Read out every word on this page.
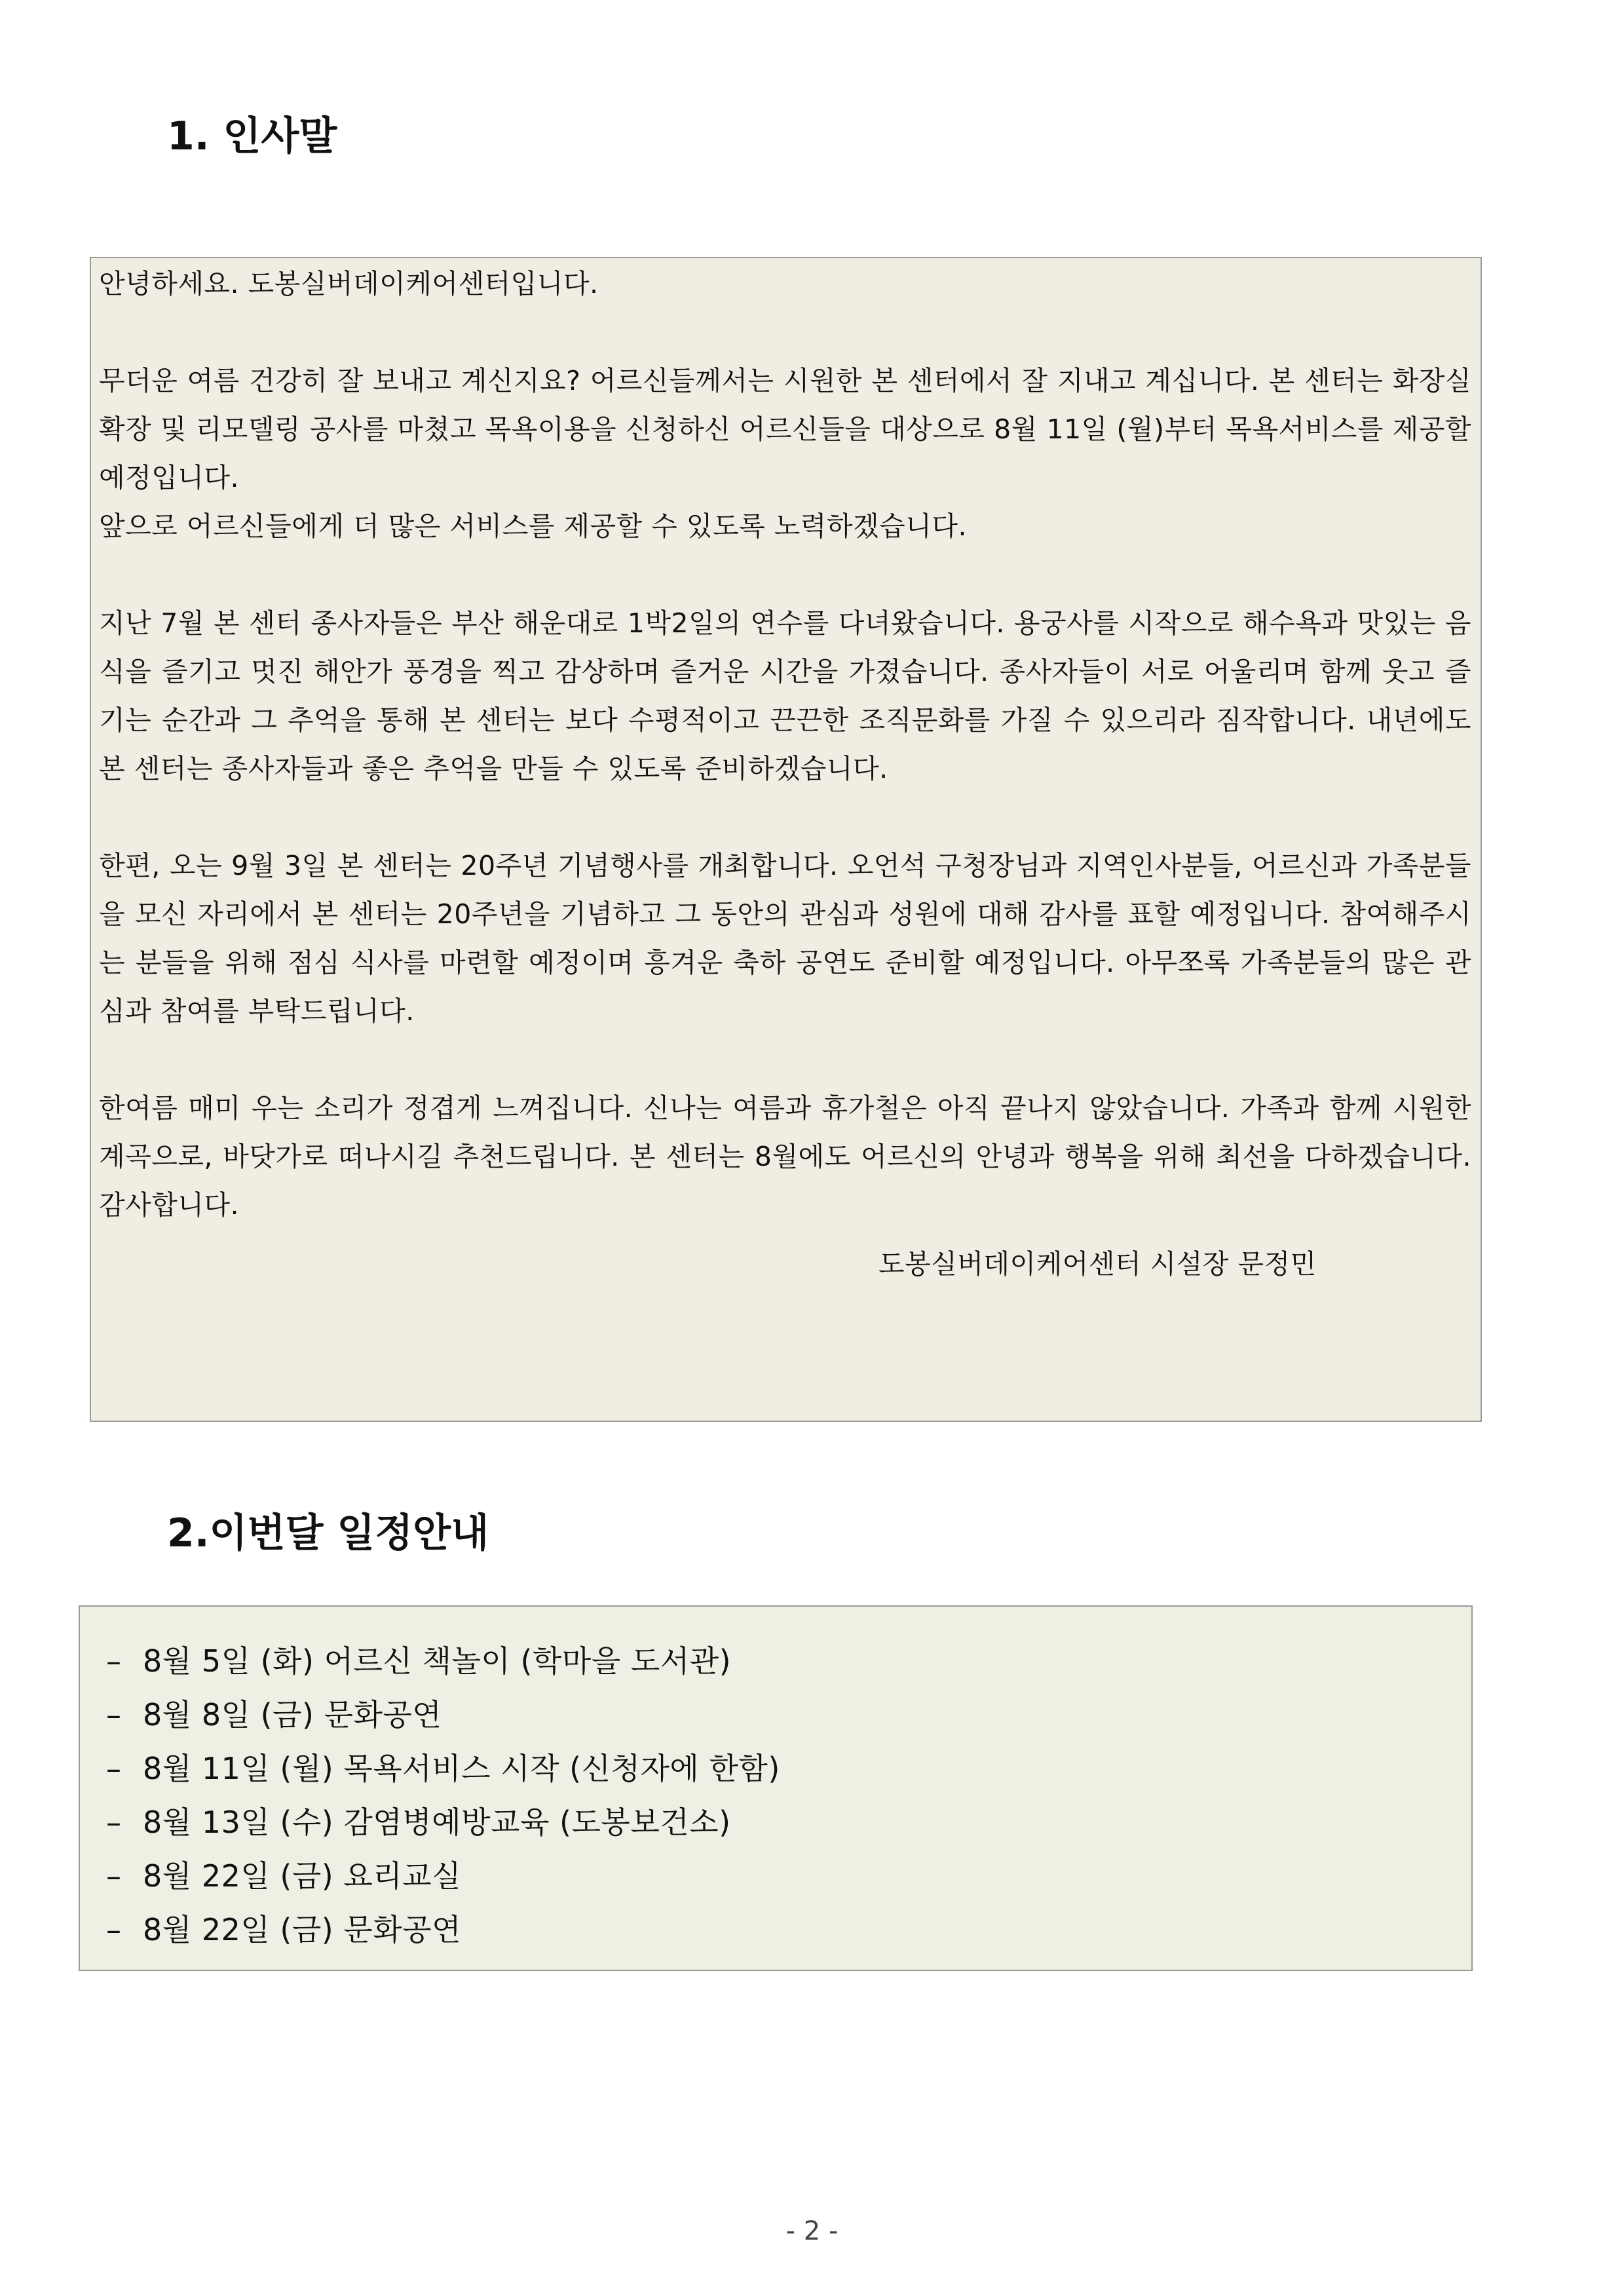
1. 인사말

안녕하세요. 도봉실버데이케어센터입니다.

무더운 여름 건강히 잘 보내고 계신지요? 어르신들께서는 시원한 본 센터에서 잘 지내고 계십니다. 본 센터는 화장실 확장 및 리모델링 공사를 마쳤고 목욕이용을 신청하신 어르신들을 대상으로 8월 11일 (월)부터 목욕서비스를 제공할 예정입니다.

앞으로 어르신들에게 더 많은 서비스를 제공할 수 있도록 노력하겠습니다.

지난 7월 본 센터 종사자들은 부산 해운대로 1박2일의 연수를 다녀왔습니다. 용궁사를 시작으로 해수욕과 맛있는 음식을 즐기고 멋진 해안가 풍경을 찍고 감상하며 즐거운 시간을 가졌습니다. 종사자들이 서로 어울리며 함께 웃고 즐기는 순간과 그 추억을 통해 본 센터는 보다 수평적이고 끈끈한 조직문화를 가질 수 있으리라 짐작합니다. 내년에도 본 센터는 종사자들과 좋은 추억을 만들 수 있도록 준비하겠습니다.

한편, 오는 9월 3일 본 센터는 20주년 기념행사를 개최합니다. 오언석 구청장님과 지역인사분들, 어르신과 가족분들을 모신 자리에서 본 센터는 20주년을 기념하고 그 동안의 관심과 성원에 대해 감사를 표할 예정입니다. 참여해주시는 분들을 위해 점심 식사를 마련할 예정이며 흥겨운 축하 공연도 준비할 예정입니다. 아무쪼록 가족분들의 많은 관심과 참여를 부탁드립니다.

한여름 매미 우는 소리가 정겹게 느껴집니다. 신나는 여름과 휴가철은 아직 끝나지 않았습니다. 가족과 함께 시원한 계곡으로, 바닷가로 떠나시길 추천드립니다. 본 센터는 8월에도 어르신의 안녕과 행복을 위해 최선을 다하겠습니다. 감사합니다.

도봉실버데이케어센터 시설장 문정민

2.이번달 일정안내
– 8월 5일 (화) 어르신 책놀이 (학마을 도서관)
– 8월 8일 (금) 문화공연
– 8월 11일 (월) 목욕서비스 시작 (신청자에 한함)
– 8월 13일 (수) 감염병예방교육 (도봉보건소)
– 8월 22일 (금) 요리교실
– 8월 22일 (금) 문화공연
- 2 -
